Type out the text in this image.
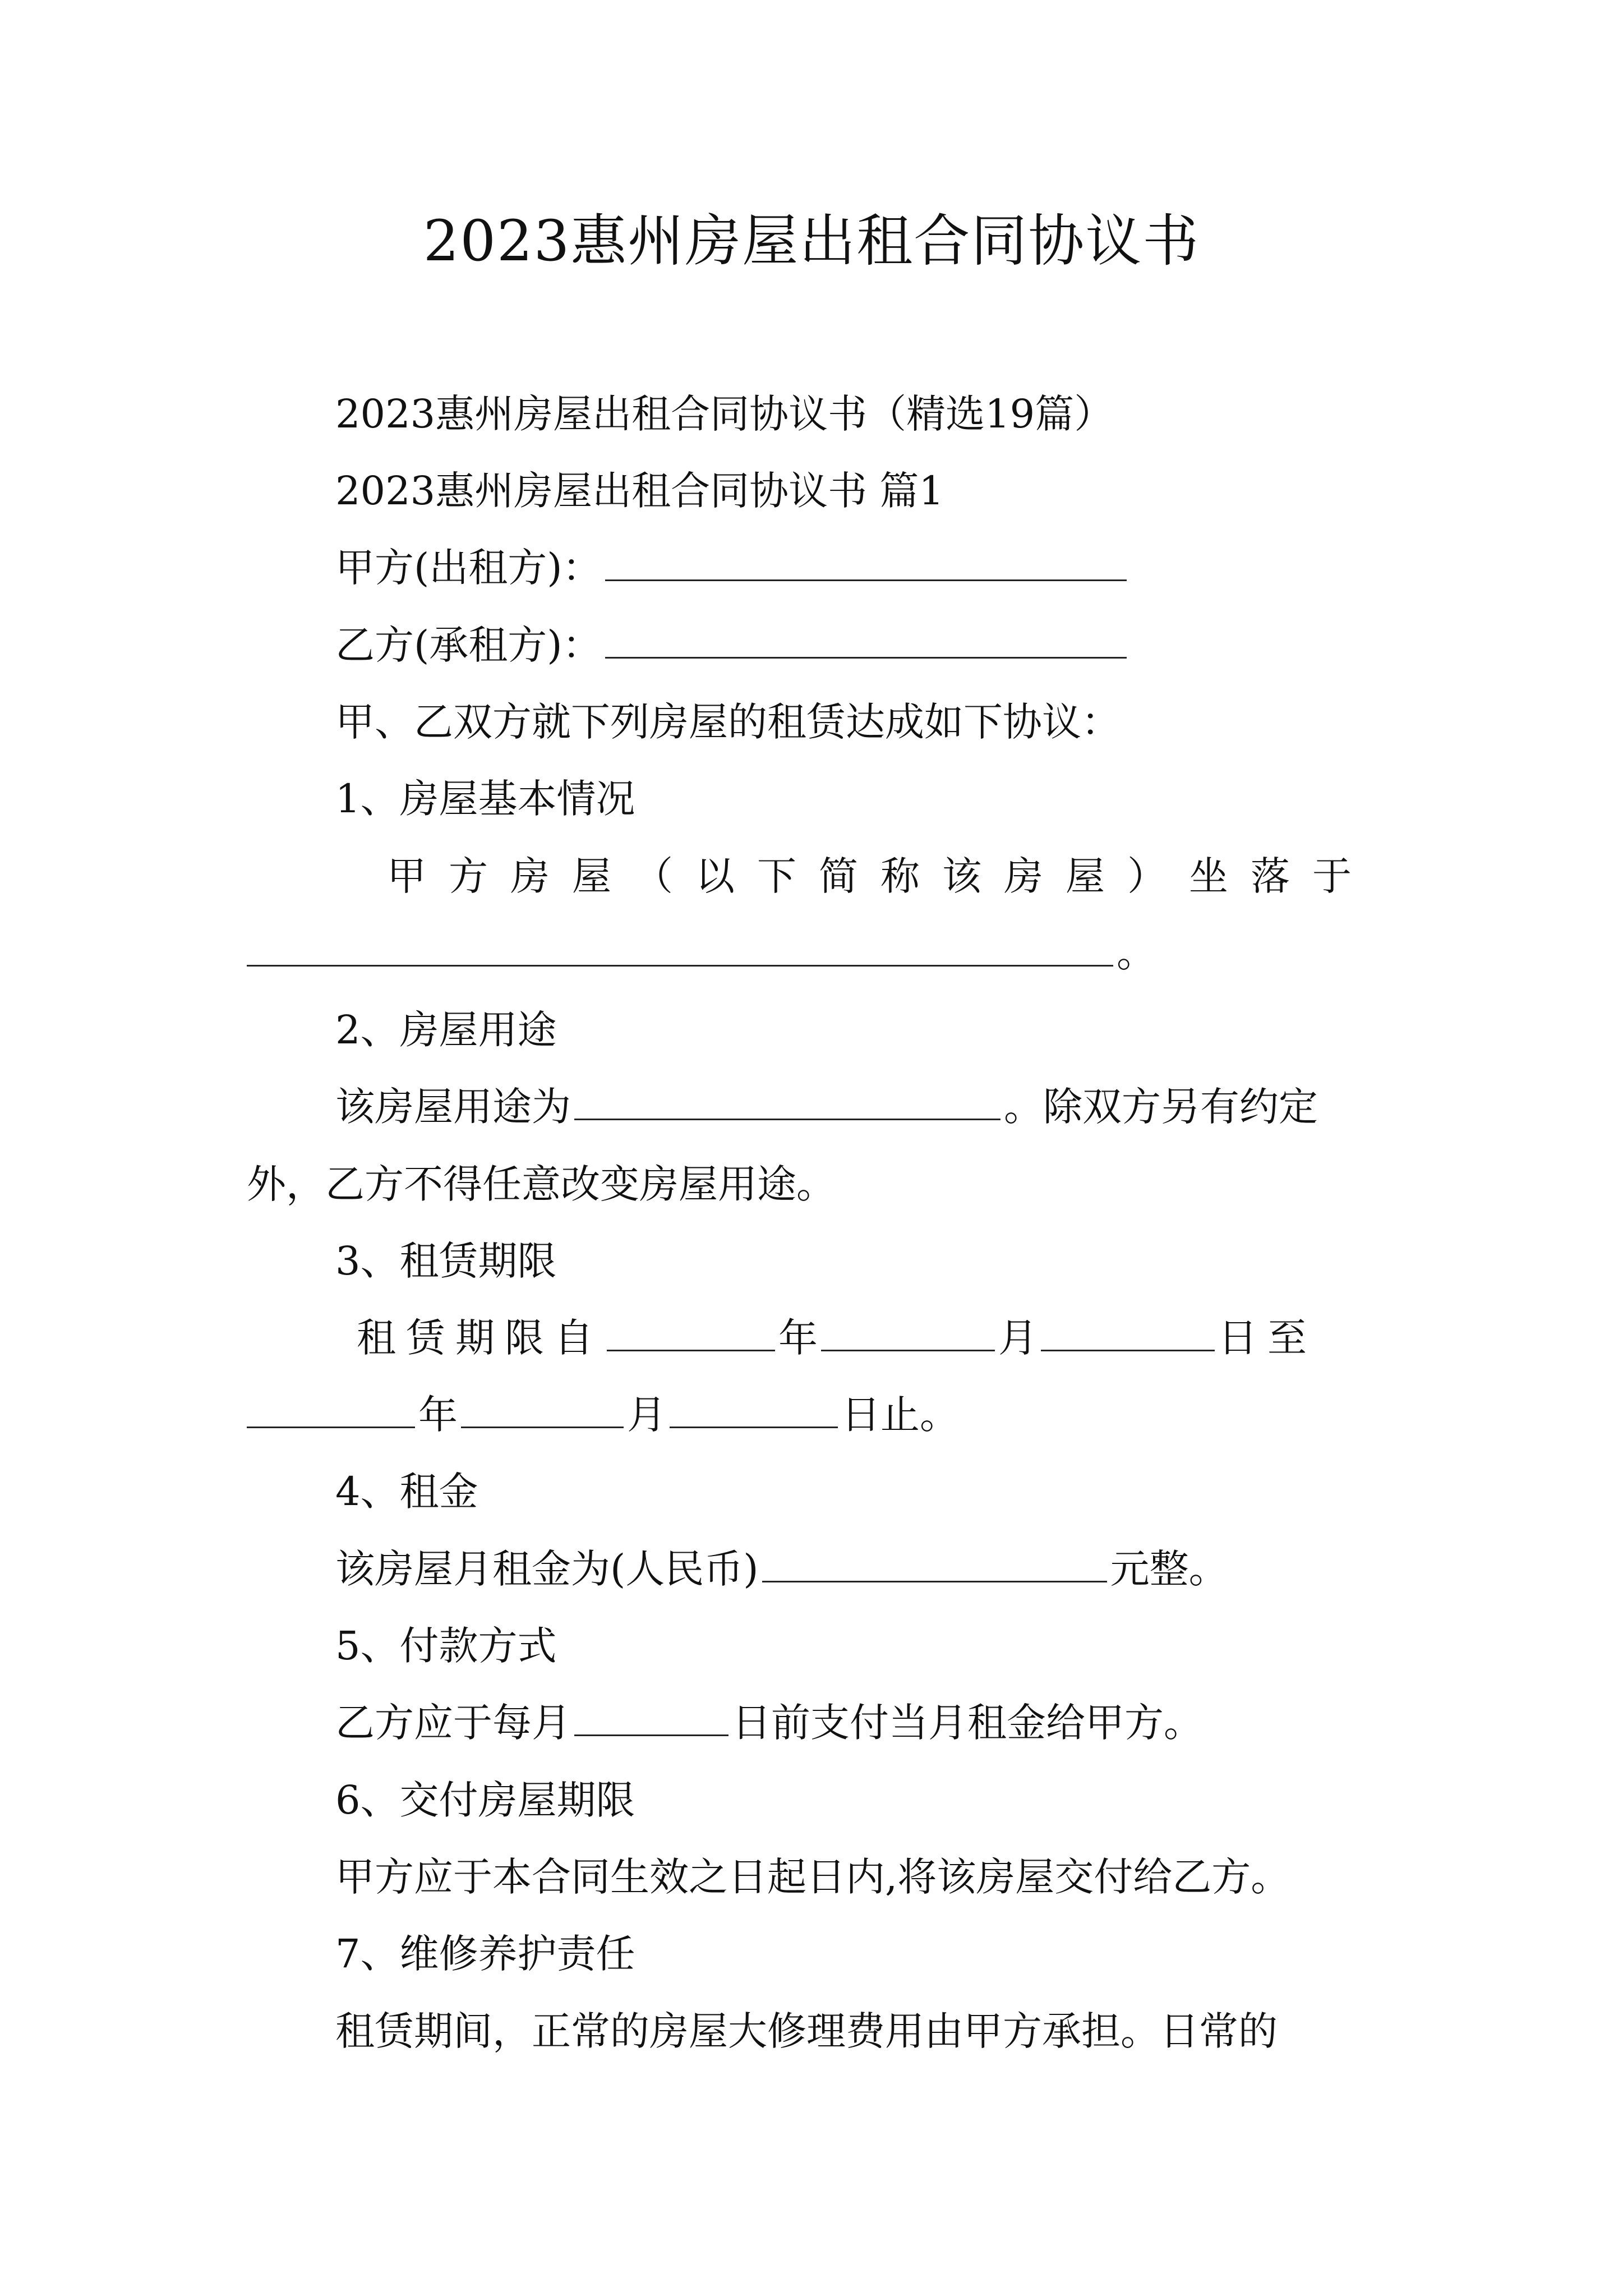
2023惠州房屋出租合同协议书
2023惠州房屋出租合同协议书（精选19篇）
2023惠州房屋出租合同协议书 篇1
甲方(出租方)：
乙方(承租方)：
甲、乙双方就下列房屋的租赁达成如下协议：
1、房屋基本情况
甲方房屋（以下简称该房屋）坐落于
。
2、房屋用途
该房屋用途为	。除双方另有约定
外，乙方不得任意改变房屋用途。
3、租赁期限
租赁期限自	年	月	日至
年	月	日止。
4、租金
该房屋月租金为(人民币)	元整。
5、付款方式
乙方应于每月	日前支付当月租金给甲方。
6、交付房屋期限
甲方应于本合同生效之日起日内,将该房屋交付给乙方。
7、维修养护责任
租赁期间，正常的房屋大修理费用由甲方承担。日常的
